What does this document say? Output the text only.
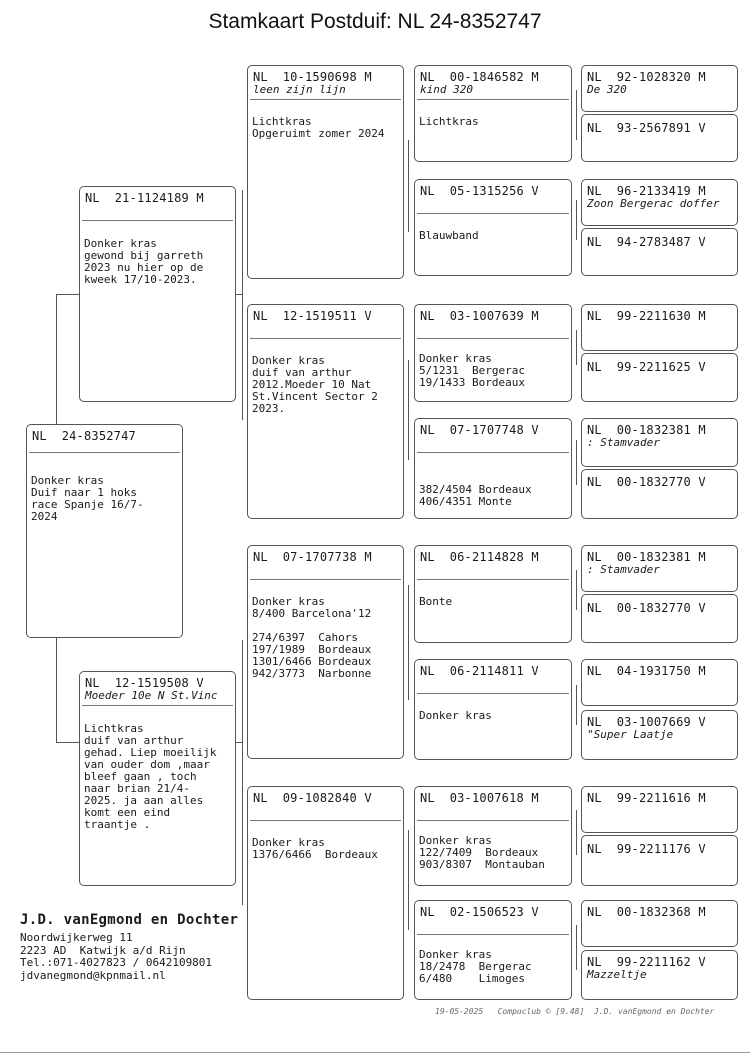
Stamkaart Postduif: NL 24-8352747
NL  24-8352747
Donker kras
Duif naar 1 hoks
race Spanje 16/7-
2024
NL  21-1124189 M
Donker kras
gewond bij garreth
2023 nu hier op de
kweek 17/10-2023.
NL  12-1519508 V
Moeder 10e N St.Vinc
Lichtkras
duif van arthur
gehad. Liep moeilijk
van ouder dom ,maar
bleef gaan , toch
naar brian 21/4-
2025. ja aan alles
komt een eind
traantje .
NL  10-1590698 M
leen zijn lijn
Lichtkras
Opgeruimt zomer 2024
NL  12-1519511 V
Donker kras
duif van arthur
2012.Moeder 10 Nat
St.Vincent Sector 2
2023.
NL  07-1707738 M
Donker kras
8/400 Barcelona'12

274/6397  Cahors
197/1989  Bordeaux
1301/6466 Bordeaux
942/3773  Narbonne
NL  09-1082840 V
Donker kras
1376/6466  Bordeaux
NL  00-1846582 M
kind 320
Lichtkras
NL  05-1315256 V
Blauwband
NL  03-1007639 M
Donker kras
5/1231  Bergerac
19/1433 Bordeaux
NL  07-1707748 V
382/4504 Bordeaux
406/4351 Monte
NL  06-2114828 M
Bonte
NL  06-2114811 V
Donker kras
NL  03-1007618 M
Donker kras
122/7409  Bordeaux
903/8307  Montauban
NL  02-1506523 V
Donker kras
18/2478  Bergerac
6/480    Limoges
NL  92-1028320 M
De 320
NL  93-2567891 V
NL  96-2133419 M
Zoon Bergerac doffer
NL  94-2783487 V
NL  99-2211630 M
NL  99-2211625 V
NL  00-1832381 M
: Stamvader
NL  00-1832770 V
NL  00-1832381 M
: Stamvader
NL  00-1832770 V
NL  04-1931750 M
NL  03-1007669 V
"Super Laatje
NL  99-2211616 M
NL  99-2211176 V
NL  00-1832368 M
NL  99-2211162 V
Mazzeltje
J.D. vanEgmond en Dochter
Noordwijkerweg 11
2223 AD  Katwijk a/d Rijn
Tel.:071-4027823 / 0642109801
jdvanegmond@kpnmail.nl
19-05-2025   Compuclub © [9.48]  J.D. vanEgmond en Dochter
